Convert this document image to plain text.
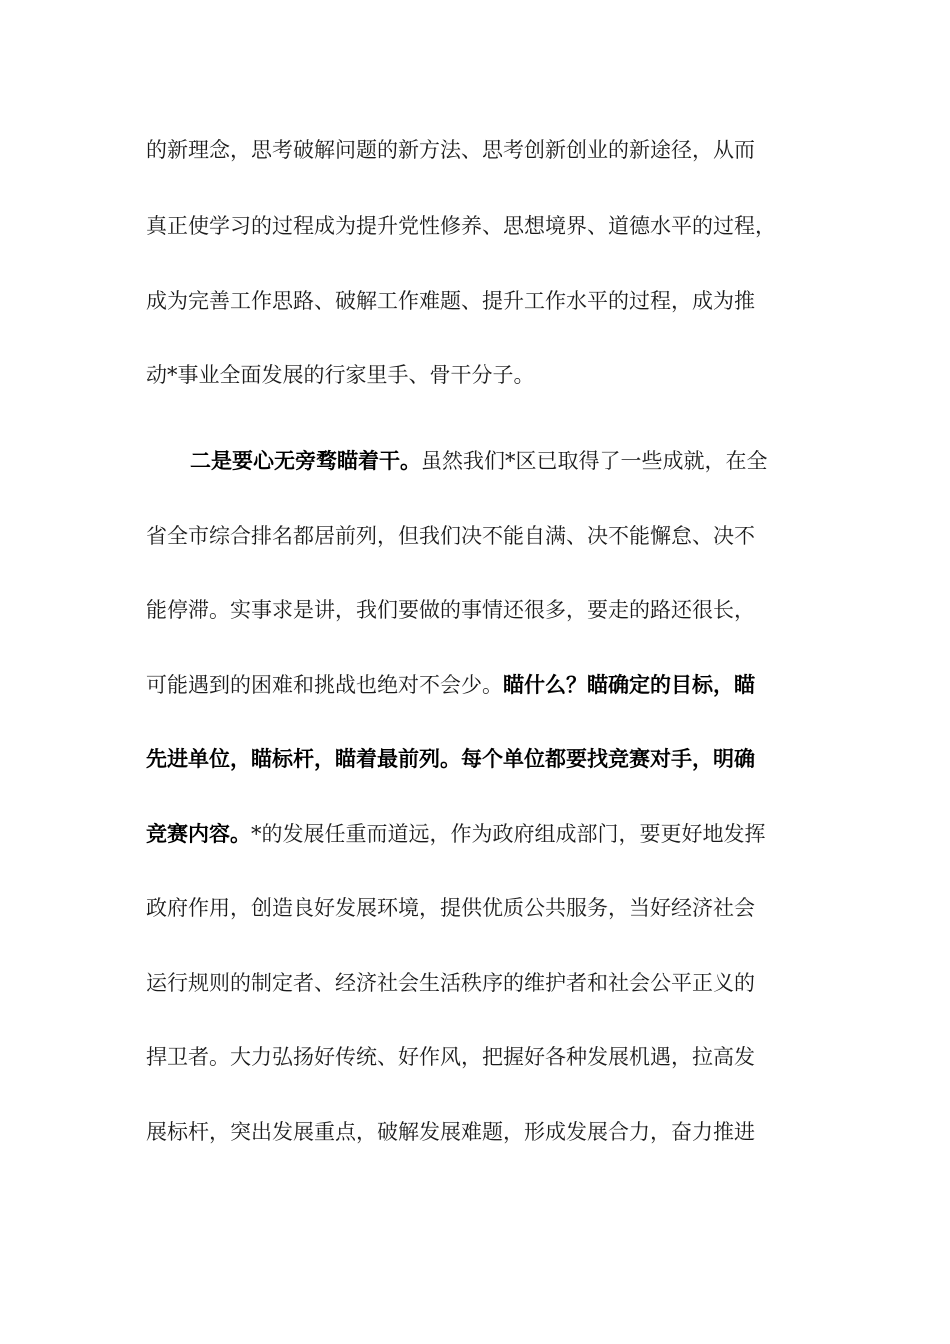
的新理念，思考破解问题的新方法、思考创新创业的新途径，从而
真正使学习的过程成为提升党性修养、思想境界、道德水平的过程，
成为完善工作思路、破解工作难题、提升工作水平的过程，成为推
动*事业全面发展的行家里手、骨干分子。
二是要心无旁骛瞄着干。虽然我们*区已取得了一些成就，在全
省全市综合排名都居前列，但我们决不能自满、决不能懈怠、决不
能停滞。实事求是讲，我们要做的事情还很多，要走的路还很长，
可能遇到的困难和挑战也绝对不会少。瞄什么？瞄确定的目标，瞄
先进单位，瞄标杆，瞄着最前列。每个单位都要找竞赛对手，明确
竞赛内容。*的发展任重而道远，作为政府组成部门，要更好地发挥
政府作用，创造良好发展环境，提供优质公共服务，当好经济社会
运行规则的制定者、经济社会生活秩序的维护者和社会公平正义的
捍卫者。大力弘扬好传统、好作风，把握好各种发展机遇，拉高发
展标杆，突出发展重点，破解发展难题，形成发展合力，奋力推进
